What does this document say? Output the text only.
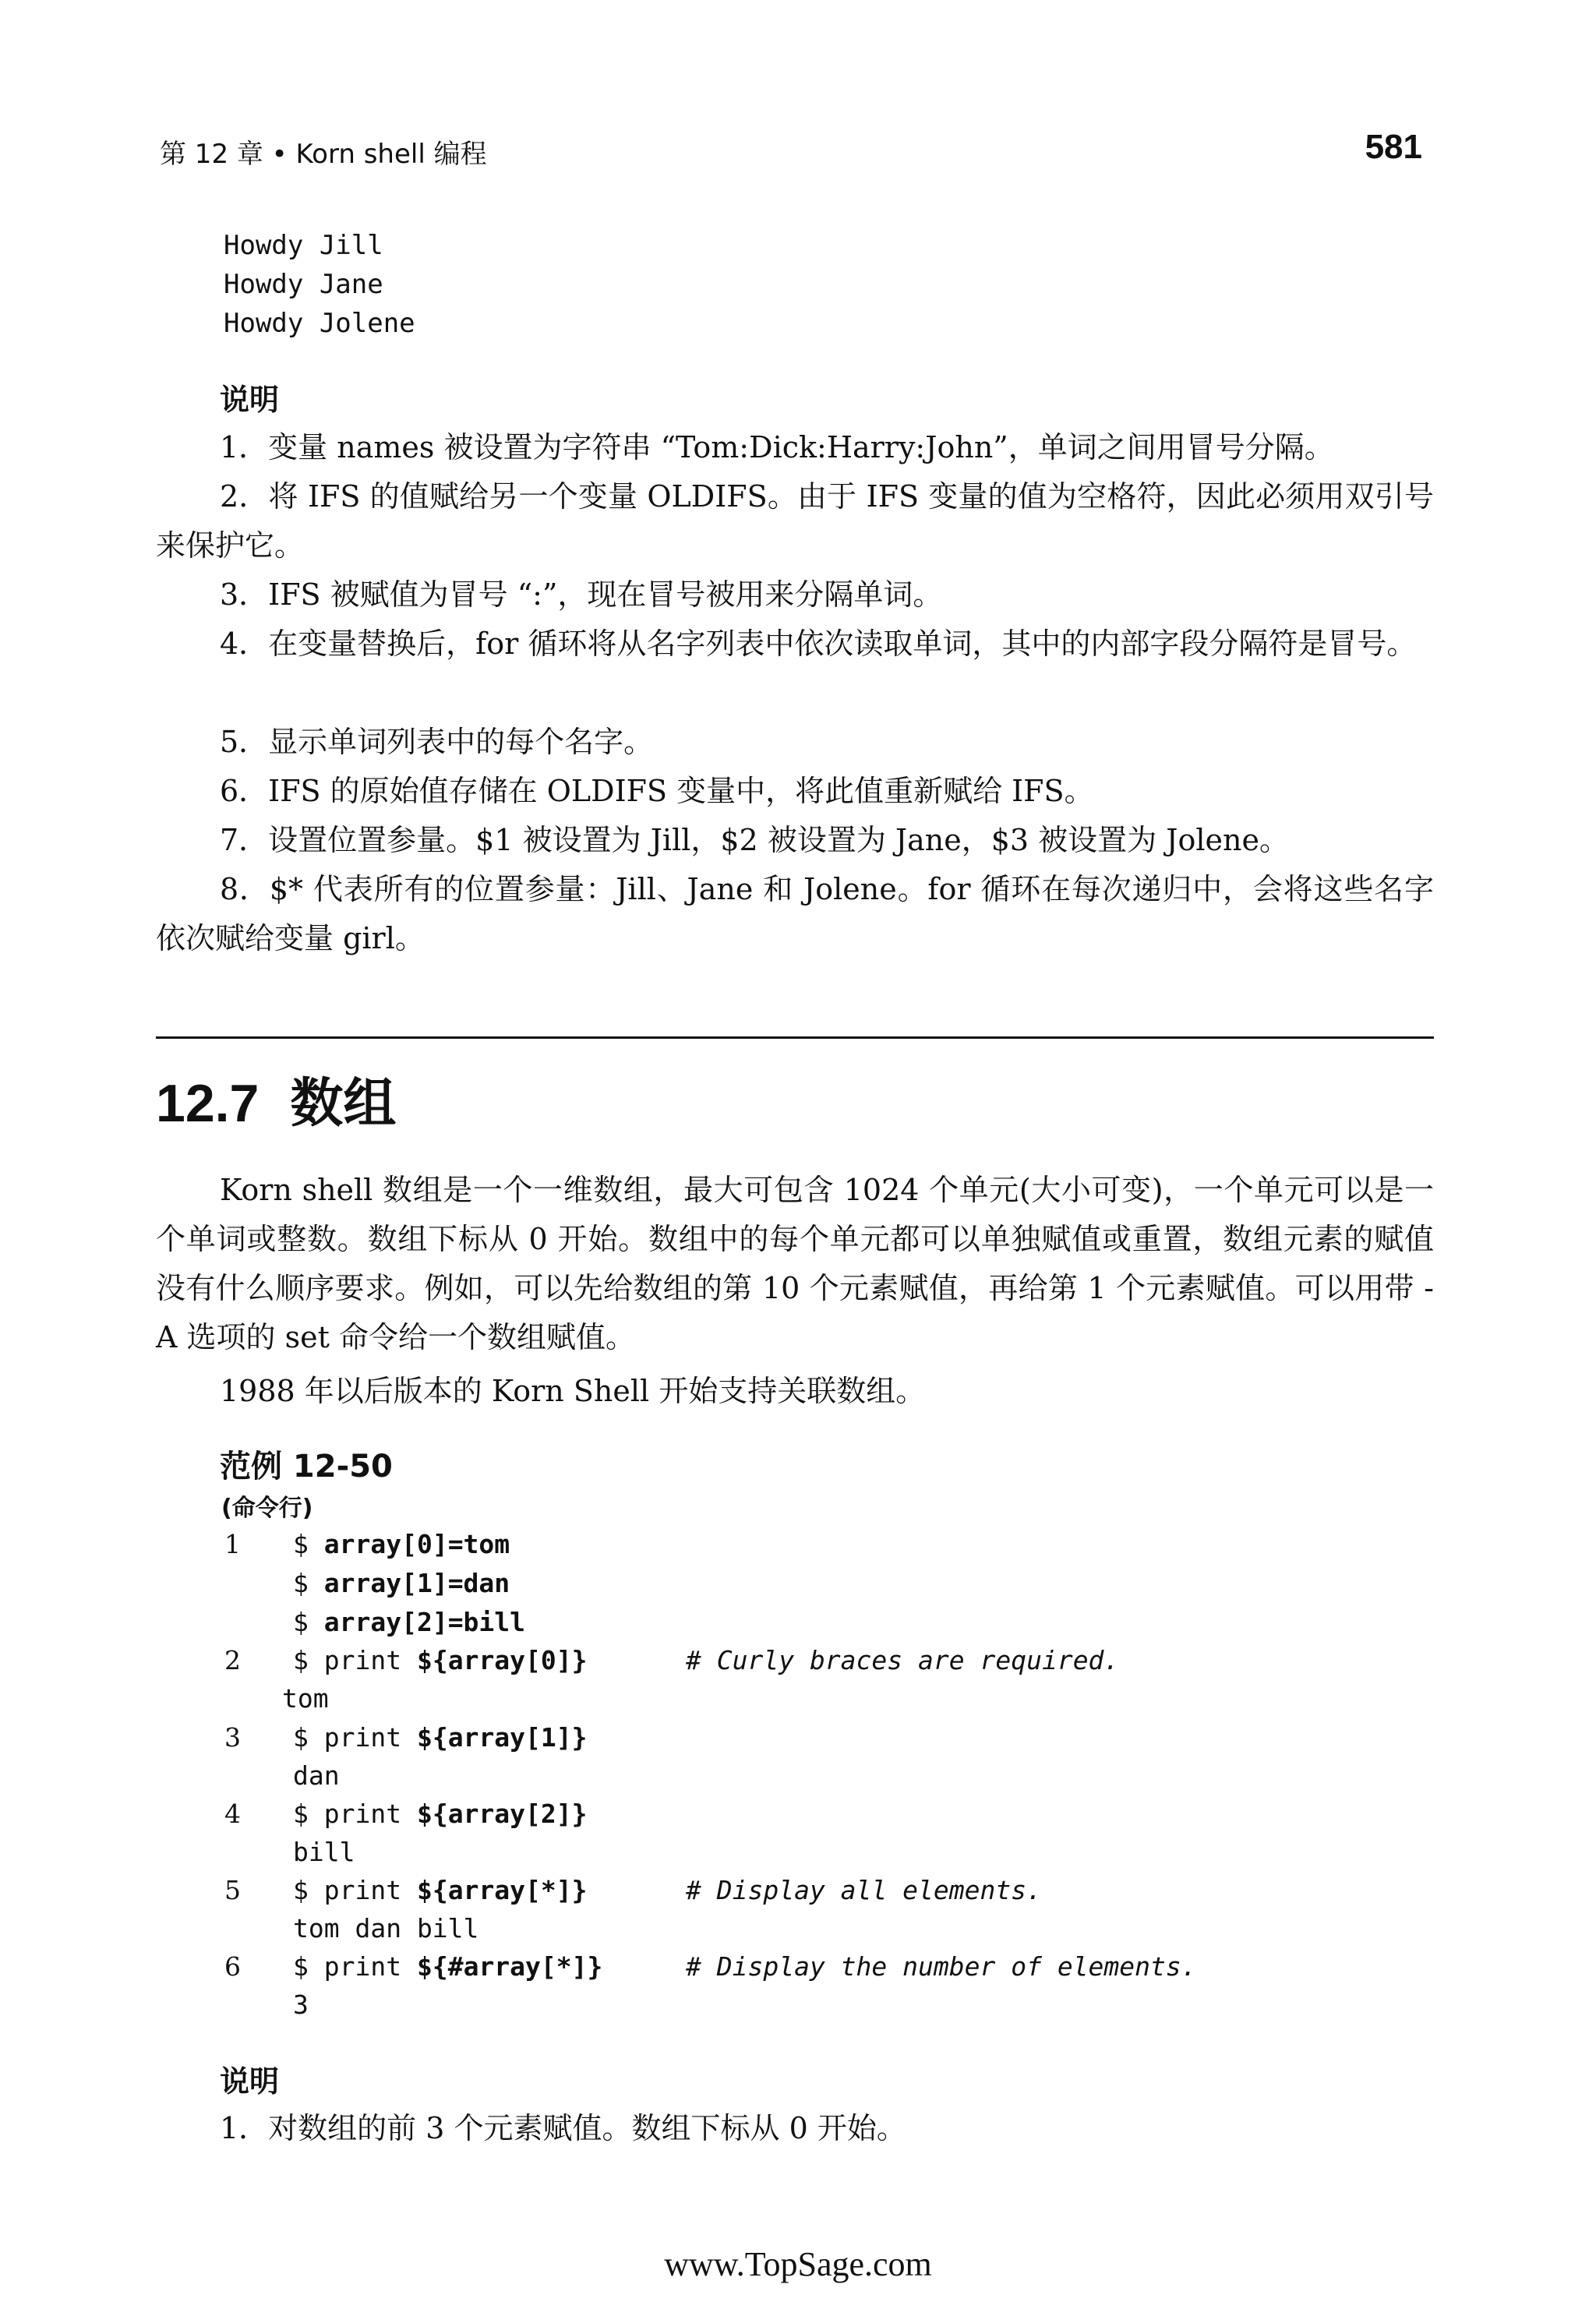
第 12 章 • Korn shell 编程	581
Howdy Jill
Howdy Jane
Howdy Jolene
说明

1．变量 names 被设置为字符串 “Tom:Dick:Harry:John”，单词之间用冒号分隔。

2．将 IFS 的值赋给另一个变量 OLDIFS。由于 IFS 变量的值为空格符，因此必须用双引号来保护它。

3．IFS 被赋值为冒号 “:”，现在冒号被用来分隔单词。

4．在变量替换后，for 循环将从名字列表中依次读取单词，其中的内部字段分隔符是冒号。

5．显示单词列表中的每个名字。

6．IFS 的原始值存储在 OLDIFS 变量中，将此值重新赋给 IFS。

7．设置位置参量。$1 被设置为 Jill，$2 被设置为 Jane，$3 被设置为 Jolene。

8．$* 代表所有的位置参量：Jill、Jane 和 Jolene。for 循环在每次递归中，会将这些名字依次赋给变量 girl。

12.7 数组

Korn shell 数组是一个一维数组，最大可包含 1024 个单元(大小可变)，一个单元可以是一个单词或整数。数组下标从 0 开始。数组中的每个单元都可以单独赋值或重置，数组元素的赋值没有什么顺序要求。例如，可以先给数组的第 10 个元素赋值，再给第 1 个元素赋值。可以用带 - A 选项的 set 命令给一个数组赋值。

1988 年以后版本的 Korn Shell 开始支持关联数组。

范例 12-50
(命令行)
1 $ array[0]=tom
$ array[1]=dan
$ array[2]=bill
2 $ print ${array[0]}	# Curly braces are required.
tom
3 $ print ${array[1]}
dan
4 $ print ${array[2]}
bill
5 $ print ${array[*]}	# Display all elements.
tom dan bill
6 $ print ${#array[*]}	# Display the number of elements.
3
说明

1．对数组的前 3 个元素赋值。数组下标从 0 开始。

www.TopSage.com
